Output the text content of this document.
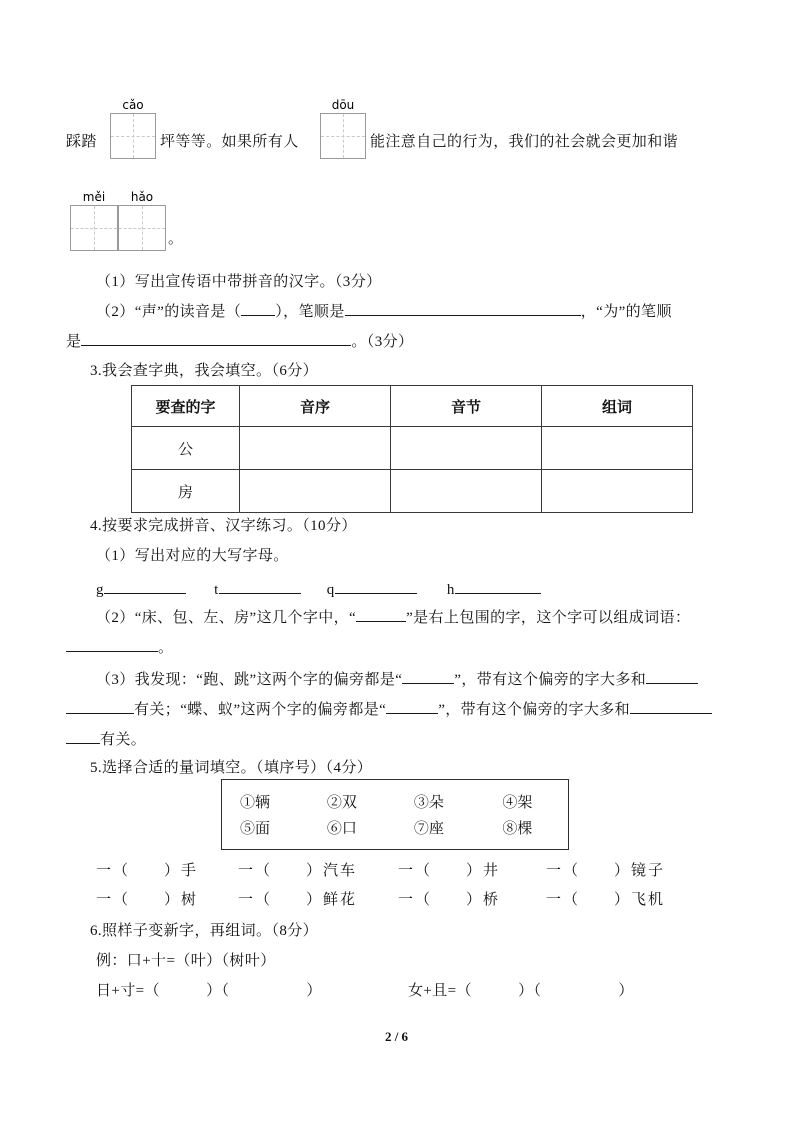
踩踏
cǎo
坪等等。如果所有人
dōu
能注意自己的行为，我们的社会就会更加和谐
měi	hǎo
。
（1）写出宣传语中带拼音的汉字。（3分）
（2）“声”的读音是（ ），笔顺是	，“为”的笔顺
是	。（3分）
3.我会查字典，我会填空。（6分）
要查的字	音序	音节	组词
公			
房			
4.按要求完成拼音、汉字练习。（10分）
（1）写出对应的大写字母。
g	t	q	h
（2）“床、包、左、房”这几个字中，“	”是右上包围的字，这个字可以组成词语：
。
（3）我发现：“跑、跳”这两个字的偏旁都是“	”，带有这个偏旁的字大多和
有关；“蝶、蚁”这两个字的偏旁都是“	”，带有这个偏旁的字大多和
有关。
5.选择合适的量词填空。（填序号）（4分）
①辆	②双	③朵	④架
⑤面	⑥口	⑦座	⑧棵
一（　　）手	一（　　）汽车	一（　　）井	一（　　）镜子
一（　　）树	一（　　）鲜花	一（　　）桥	一（　　）飞机
6.照样子变新字，再组词。（8分）
例：口+十=（叶）（树叶）
日+寸=（　　　）（　　　　　）	女+且=（　　　）（　　　　　）
2 / 6
